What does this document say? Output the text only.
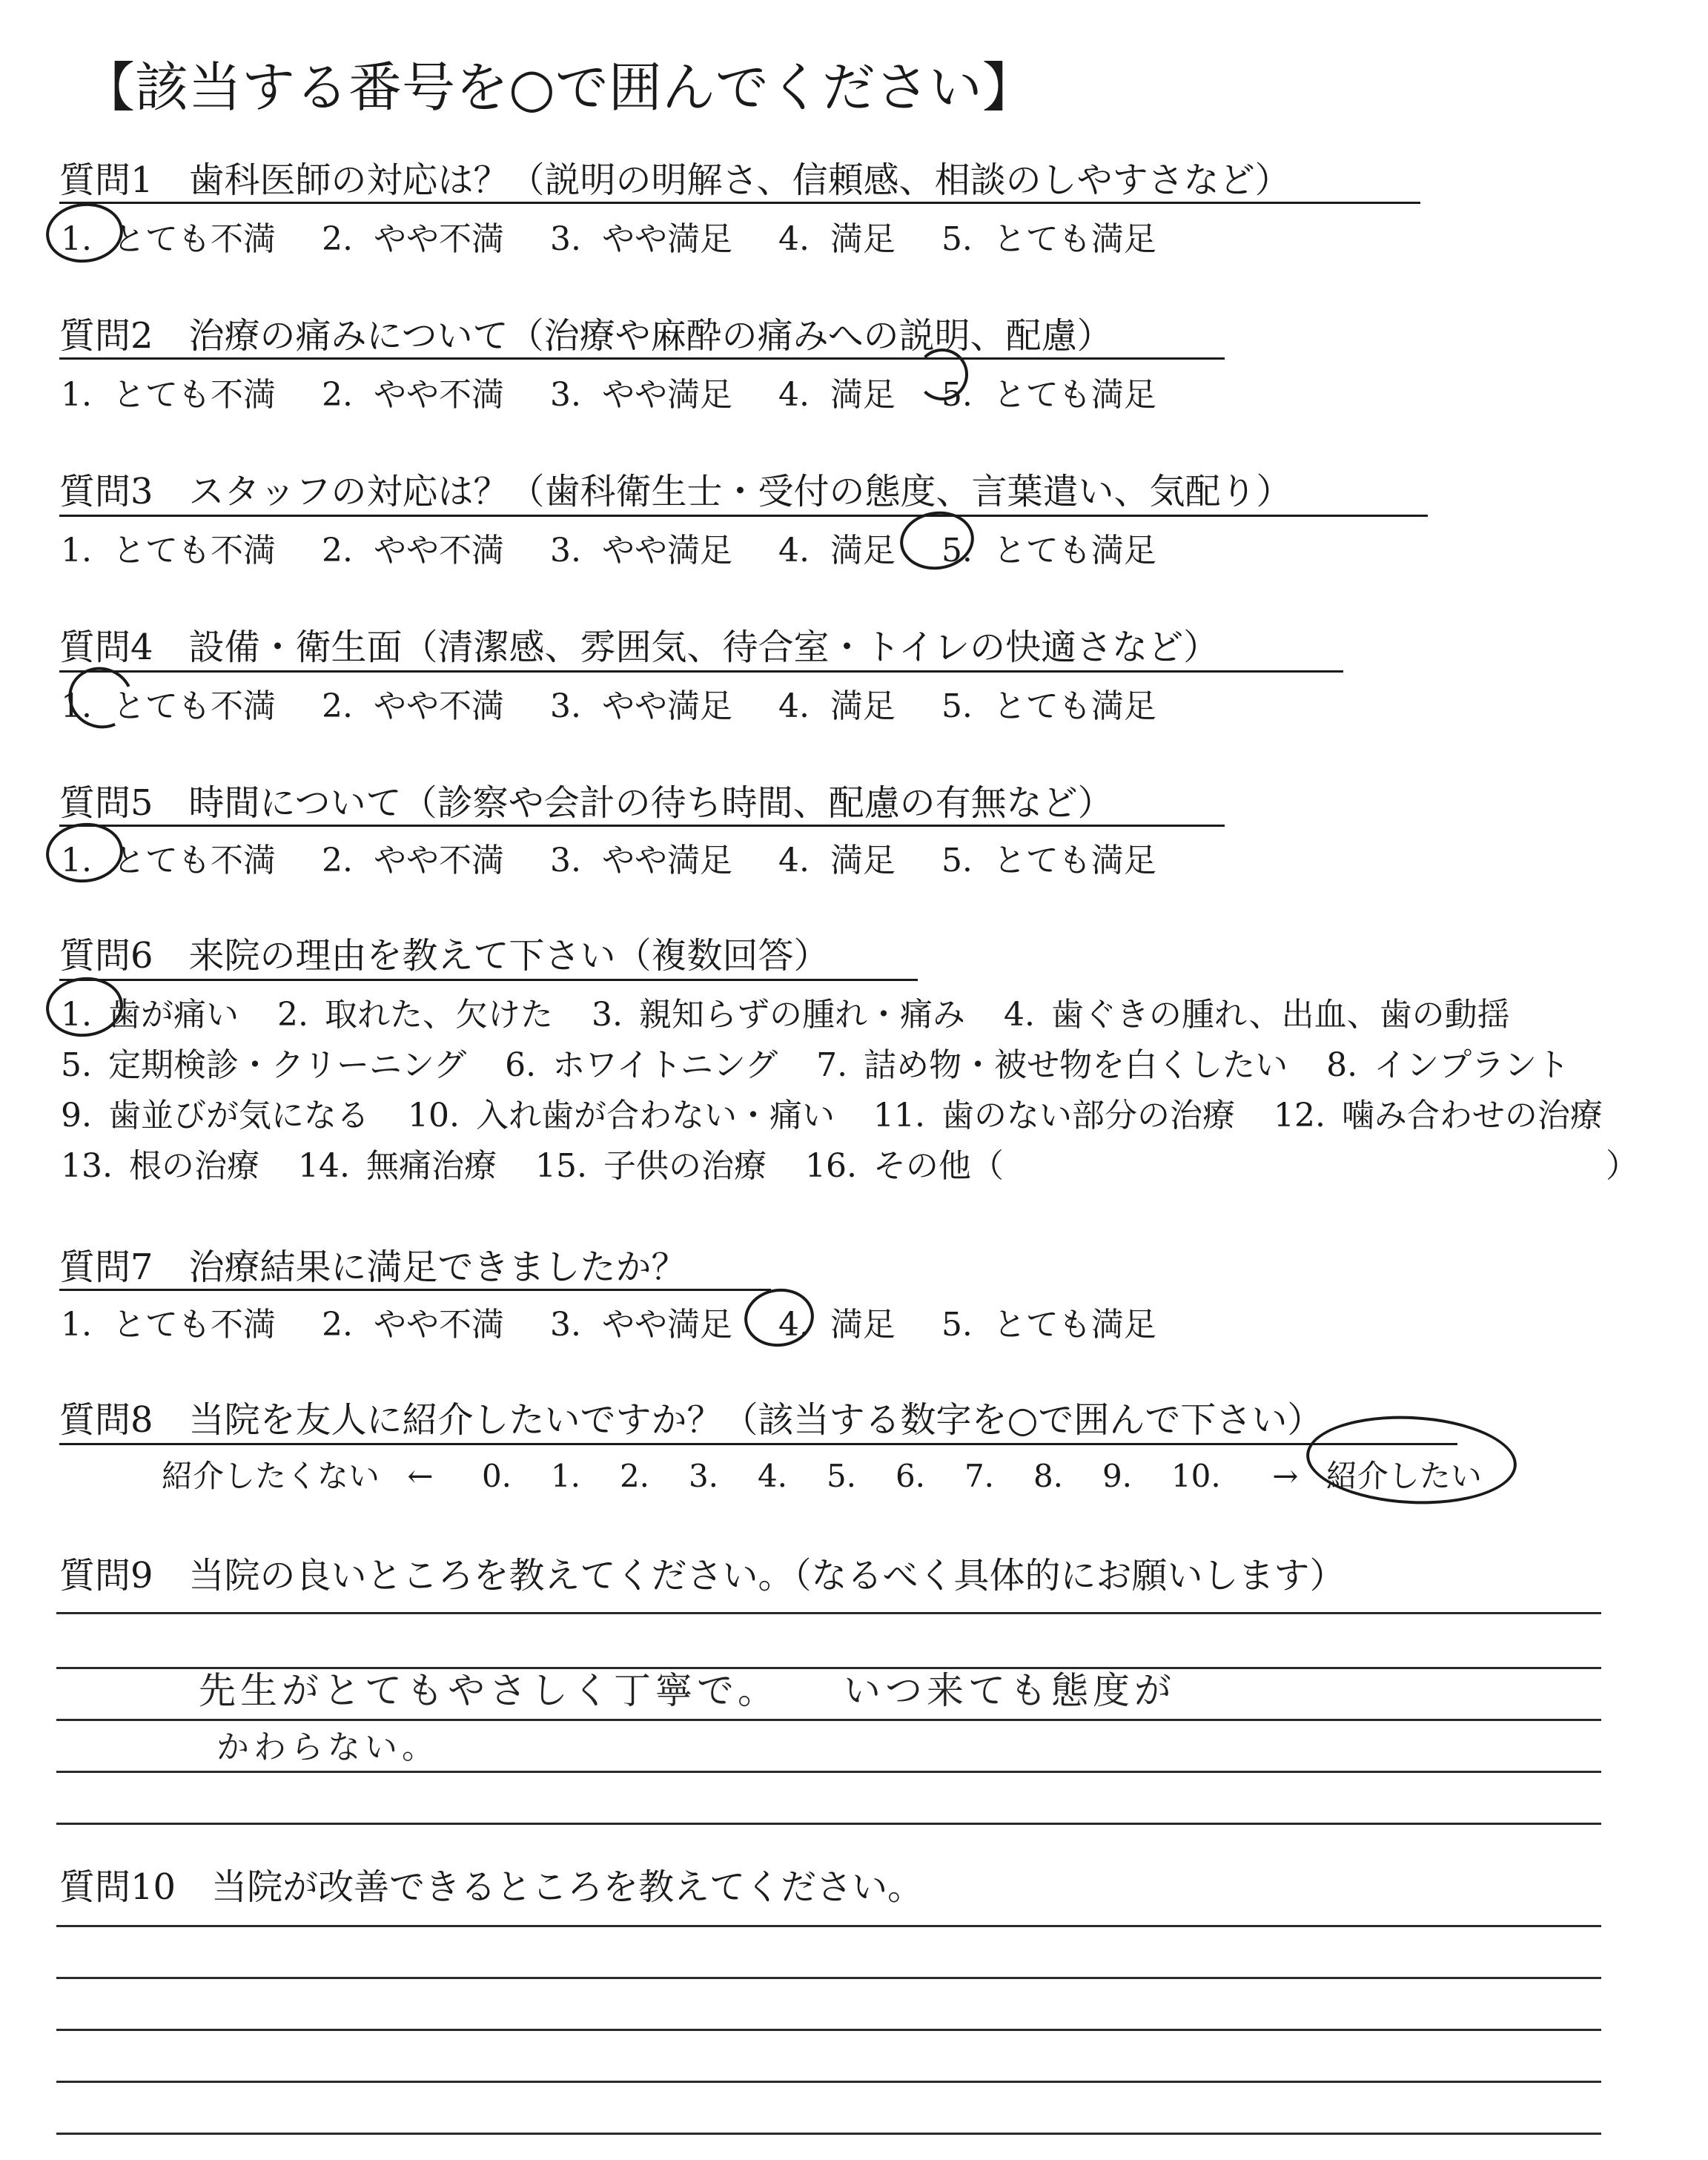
【該当する番号を○で囲んでください】
質問1　歯科医師の対応は？（説明の明解さ、信頼感、相談のしやすさなど）
1. とても不満 2. やや不満 3. やや満足 4. 満足 5. とても満足
質問2　治療の痛みについて（治療や麻酔の痛みへの説明、配慮）
1. とても不満 2. やや不満 3. やや満足 4. 満足 5. とても満足
質問3　スタッフの対応は？（歯科衛生士・受付の態度、言葉遣い、気配り）
1. とても不満 2. やや不満 3. やや満足 4. 満足 5. とても満足
質問4　設備・衛生面（清潔感、雰囲気、待合室・トイレの快適さなど）
1. とても不満 2. やや不満 3. やや満足 4. 満足 5. とても満足
質問5　時間について（診察や会計の待ち時間、配慮の有無など）
1. とても不満 2. やや不満 3. やや満足 4. 満足 5. とても満足
質問6　来院の理由を教えて下さい（複数回答）
1. 歯が痛い 2. 取れた、欠けた 3. 親知らずの腫れ・痛み 4. 歯ぐきの腫れ、出血、歯の動揺
5. 定期検診・クリーニング 6. ホワイトニング 7. 詰め物・被せ物を白くしたい 8. インプラント
9. 歯並びが気になる 10. 入れ歯が合わない・痛い 11. 歯のない部分の治療 12. 噛み合わせの治療
13. 根の治療 14. 無痛治療 15. 子供の治療 16. その他（	）
質問7　治療結果に満足できましたか？
1. とても不満 2. やや不満 3. やや満足 4. 満足 5. とても満足
質問8　当院を友人に紹介したいですか？（該当する数字を○で囲んで下さい）
紹介したくない ← 0. 1. 2. 3. 4. 5. 6. 7. 8. 9. 10. → 紹介したい
質問9　当院の良いところを教えてください。（なるべく具体的にお願いします）
先生がとてもやさしく丁寧で。　　いつ来ても態度が
かわらない。
質問10　当院が改善できるところを教えてください。
